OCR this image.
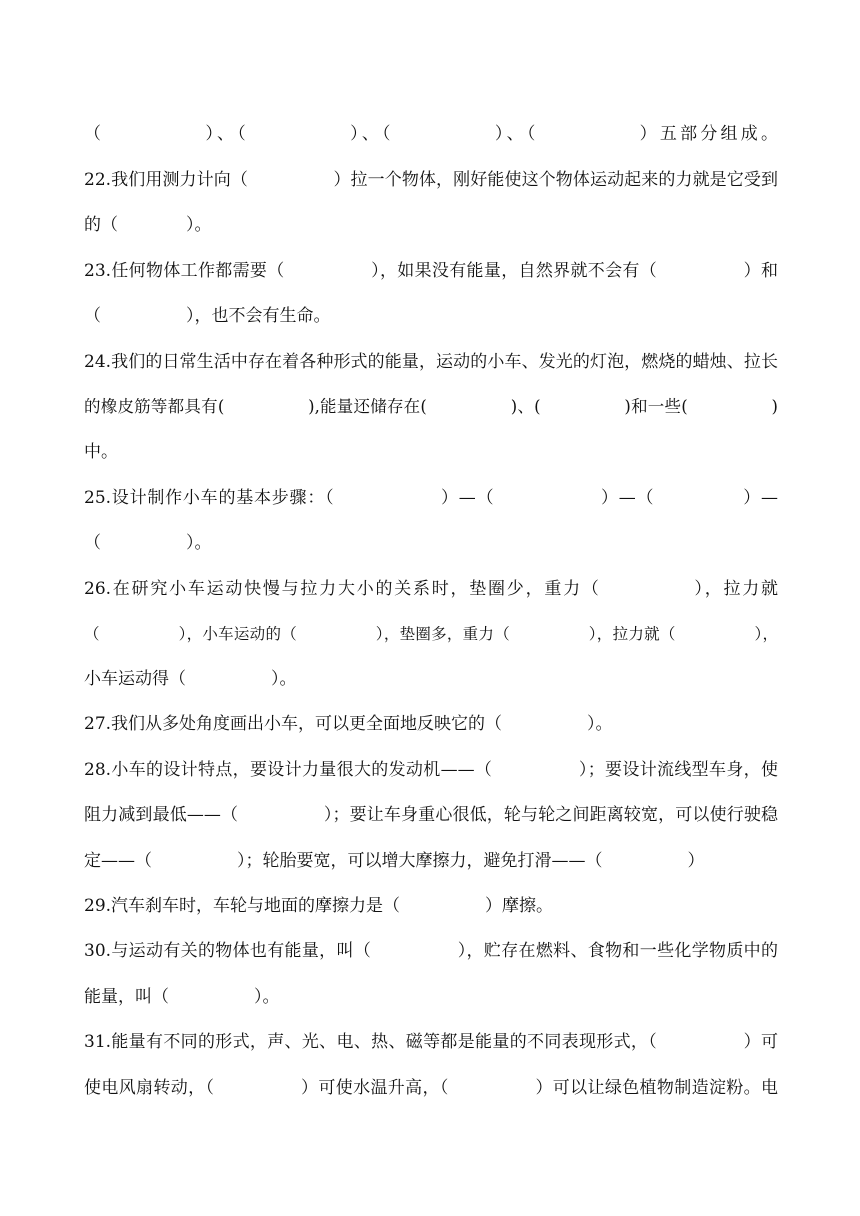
（　　　　　）、（　　　　　）、（　　　　　）、（　　　　　）五部分组成。
22.我们用测力计向（　　　　　）拉一个物体，刚好能使这个物体运动起来的力就是它受到
的（　　　　）。
23.任何物体工作都需要（　　　　　），如果没有能量，自然界就不会有（　　　　　）和
（　　　　　），也不会有生命。
24.我们的日常生活中存在着各种形式的能量，运动的小车、发光的灯泡，燃烧的蜡烛、拉长
的橡皮筋等都具有(　　　　　),能量还储存在(　　　　　)、(　　　　　)和一些(　　　　　)
中。
25.设计制作小车的基本步骤：（　　　　　　）—（　　　　　　）—（　　　　　）—
（　　　　　）。
26.在研究小车运动快慢与拉力大小的关系时，垫圈少，重力（　　　　　），拉力就
（　　　　　），小车运动的（　　　　　），垫圈多，重力（　　　　　），拉力就（　　　　　），
小车运动得（　　　　　）。
27.我们从多处角度画出小车，可以更全面地反映它的（　　　　　）。
28.小车的设计特点，要设计力量很大的发动机——（　　　　　）；要设计流线型车身，使
阻力减到最低——（　　　　　）；要让车身重心很低，轮与轮之间距离较宽，可以使行驶稳
定——（　　　　　）；轮胎要宽，可以增大摩擦力，避免打滑——（　　　　　）
29.汽车刹车时，车轮与地面的摩擦力是（　　　　　）摩擦。
30.与运动有关的物体也有能量，叫（　　　　　），贮存在燃料、食物和一些化学物质中的
能量，叫（　　　　　）。
31.能量有不同的形式，声、光、电、热、磁等都是能量的不同表现形式，（　　　　　）可
使电风扇转动，（　　　　　）可使水温升高，（　　　　　）可以让绿色植物制造淀粉。电
